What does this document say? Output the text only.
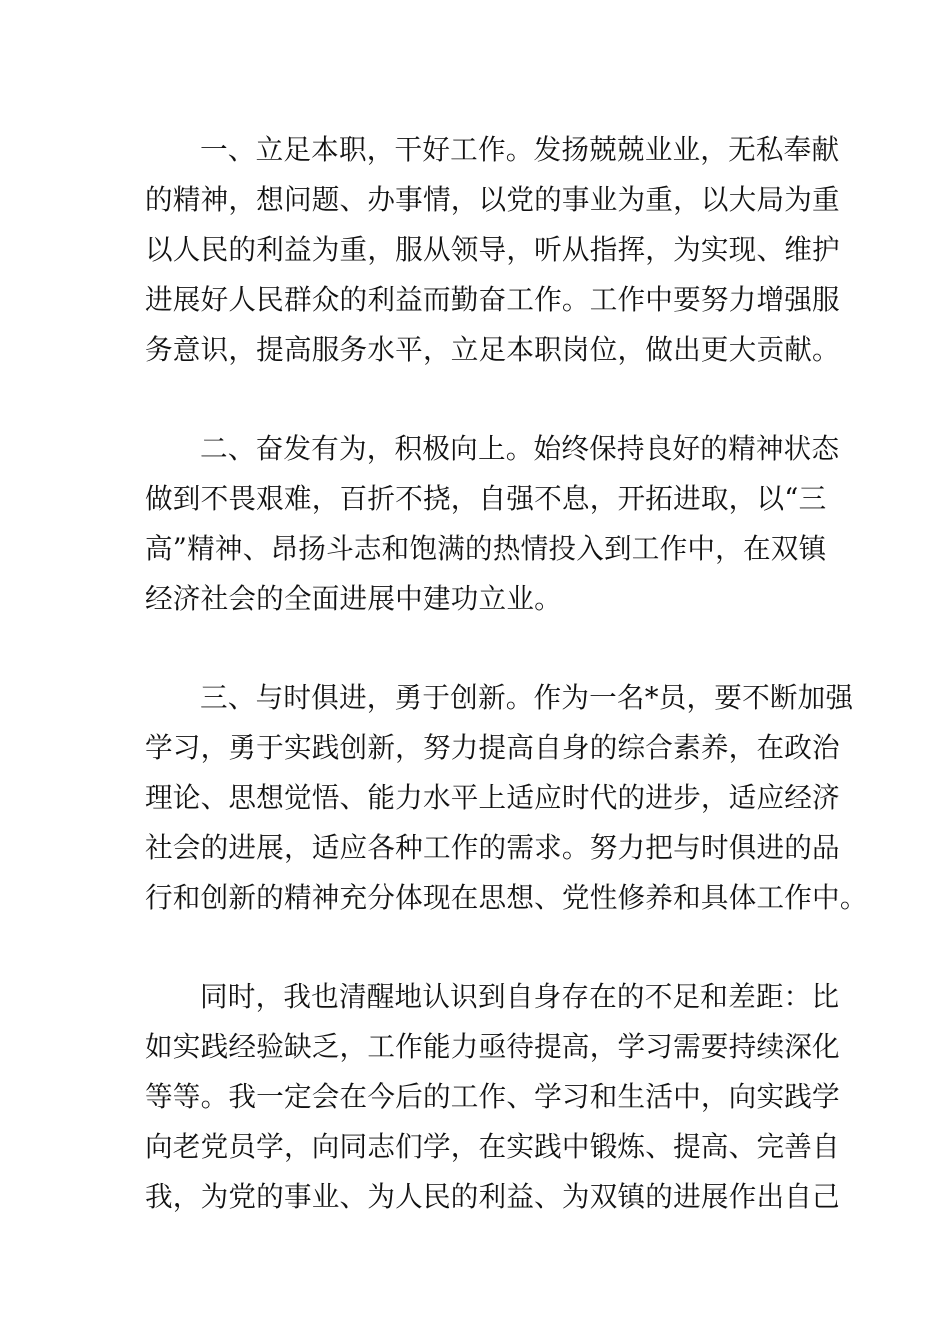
一、立足本职，干好工作。发扬兢兢业业，无私奉献
的精神，想问题、办事情，以党的事业为重，以大局为重
以人民的利益为重，服从领导，听从指挥，为实现、维护
进展好人民群众的利益而勤奋工作。工作中要努力增强服
务意识，提高服务水平，立足本职岗位，做出更大贡献。
二、奋发有为，积极向上。始终保持良好的精神状态
做到不畏艰难，百折不挠，自强不息，开拓进取，以“三
高”精神、昂扬斗志和饱满的热情投入到工作中，在双镇
经济社会的全面进展中建功立业。
三、与时俱进，勇于创新。作为一名*员，要不断加强
学习，勇于实践创新，努力提高自身的综合素养，在政治
理论、思想觉悟、能力水平上适应时代的进步，适应经济
社会的进展，适应各种工作的需求。努力把与时俱进的品
行和创新的精神充分体现在思想、党性修养和具体工作中。
同时，我也清醒地认识到自身存在的不足和差距：比
如实践经验缺乏，工作能力亟待提高，学习需要持续深化
等等。我一定会在今后的工作、学习和生活中，向实践学
向老党员学，向同志们学，在实践中锻炼、提高、完善自
我，为党的事业、为人民的利益、为双镇的进展作出自己
